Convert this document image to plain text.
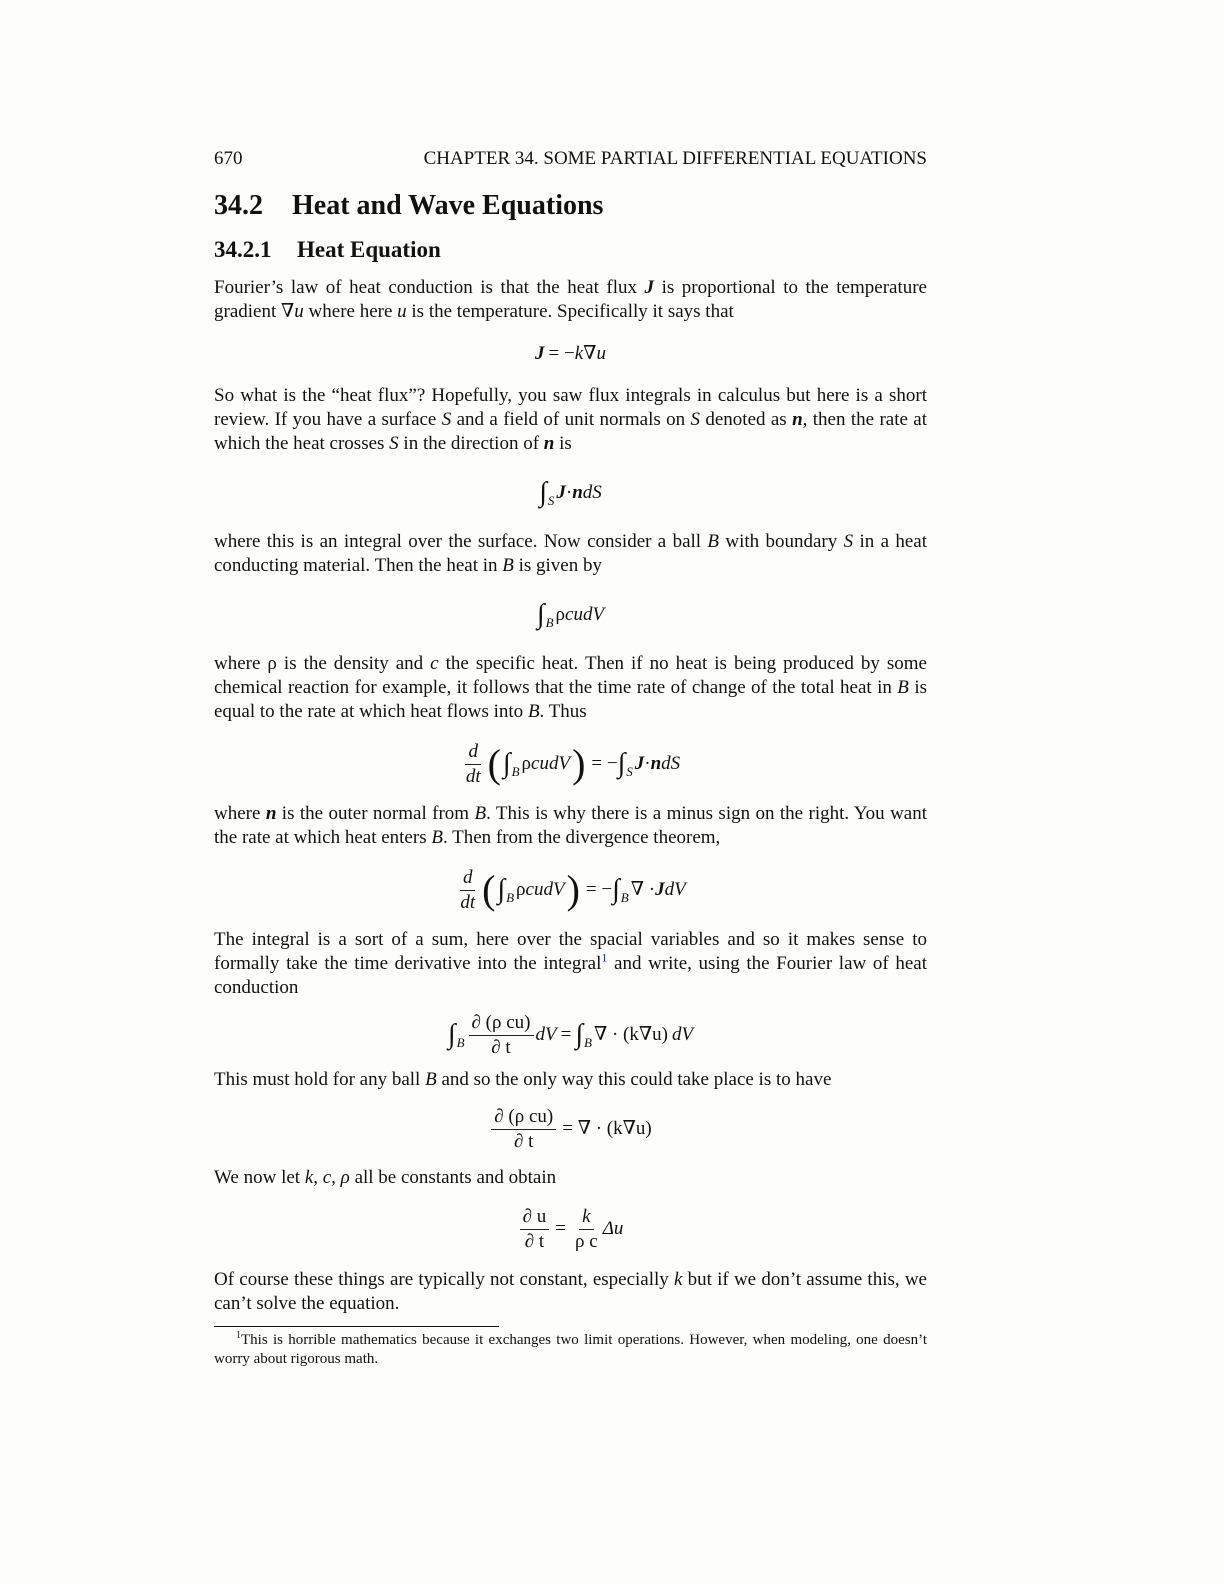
670	CHAPTER 34. SOME PARTIAL DIFFERENTIAL EQUATIONS
34.2 Heat and Wave Equations
34.2.1 Heat Equation

Fourier’s law of heat conduction is that the heat flux J is proportional to the temperature gradient ∇u where here u is the temperature. Specifically it says that

J = − k ∇ u

So what is the “heat flux”? Hopefully, you saw flux integrals in calculus but here is a short review. If you have a surface S and a field of unit normals on S denoted as n, then the rate at which the heat crosses S in the direction of n is

∫ S J · n dS

where this is an integral over the surface. Now consider a ball B with boundary S in a heat conducting material. Then the heat in B is given by

∫ B ρ cudV

where ρ is the density and c the specific heat. Then if no heat is being produced by some chemical reaction for example, it follows that the time rate of change of the total heat in B is equal to the rate at which heat flows into B. Thus

$\frac{d}{dt}$ ( ∫ B ρ cudV ) = − ∫ S J · n dS

where n is the outer normal from B. This is why there is a minus sign on the right. You want the rate at which heat enters B. Then from the divergence theorem,

$\frac{d}{dt}$ ( ∫ B ρ cudV ) = − ∫ B ∇ · J dV

The integral is a sort of a sum, here over the spacial variables and so it makes sense to formally take the time derivative into the integral$^1$ and write, using the Fourier law of heat conduction

∫ B $\frac{\text{∂ (ρ cu)}}{\partial t}$ dV = ∫ B ∇ · (k∇u) dV

This must hold for any ball B and so the only way this could take place is to have

$\frac{\text{∂ (ρ cu)}}{\partial t}$ = ∇ · (k∇u)

We now let k, c, ρ all be constants and obtain

$\frac{\partial u}{\partial t} = \frac{k}{\text{ρ c}}$ Δu

Of course these things are typically not constant, especially k but if we don’t assume this, we can’t solve the equation.

$^1$This is horrible mathematics because it exchanges two limit operations. However, when modeling, one doesn’t worry about rigorous math.
